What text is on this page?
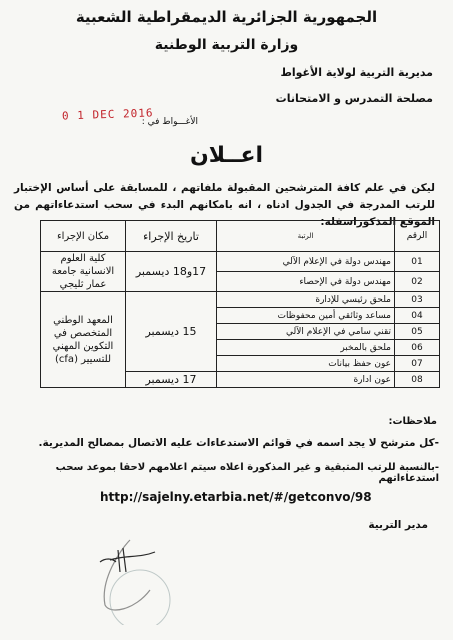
الجمهورية الجزائرية الديمقراطية الشعبية
وزارة التربية الوطنية
مديرية التربية لولاية الأغواط
مصلحة التمدرس و الامتحانات
الأغـــواط في :
0 1 DEC 2016
اعــلان
ليكن في علم كافة المترشحين المقبولة ملفاتهم ، للمسابقة على أساس الإختبار للرتب المدرجة في الجدول ادناه ، انه بامكانهم البدء في سحب استدعاءاتهم من الموقع المذكوراسفله:
الرقم	الرتبة	تاريخ الإجراء	مكان الإجراء
01	مهندس دولة في الإعلام الآلي	17و18 ديسمبر	كلية العلوم الانسانية جامعة عمار ثليجي
02	مهندس دولة في الإحصاء		
03	ملحق رئيسي للإدارة	15 ديسمبر	المعهد الوطني المتخصص في التكوين المهني للتسيير (cfa)
04	مساعد وثائقي أمين محفوظات		
05	تقني سامي في الإعلام الآلي		
06	ملحق بالمخبر		
07	عون حفظ بيانات		
08	عون ادارة	17 ديسمبر	
ملاحظات:
-كل مترشح لا يجد اسمه في قوائم الاستدعاءات عليه الاتصال بمصالح المديرية.
-بالنسبة للرتب المتبقية و غير المذكورة اعلاه سيتم اعلامهم لاحقا بموعد سحب استدعاءاتهم
http://sajelny.etarbia.net/#/getconvo/98
مدير التربية
